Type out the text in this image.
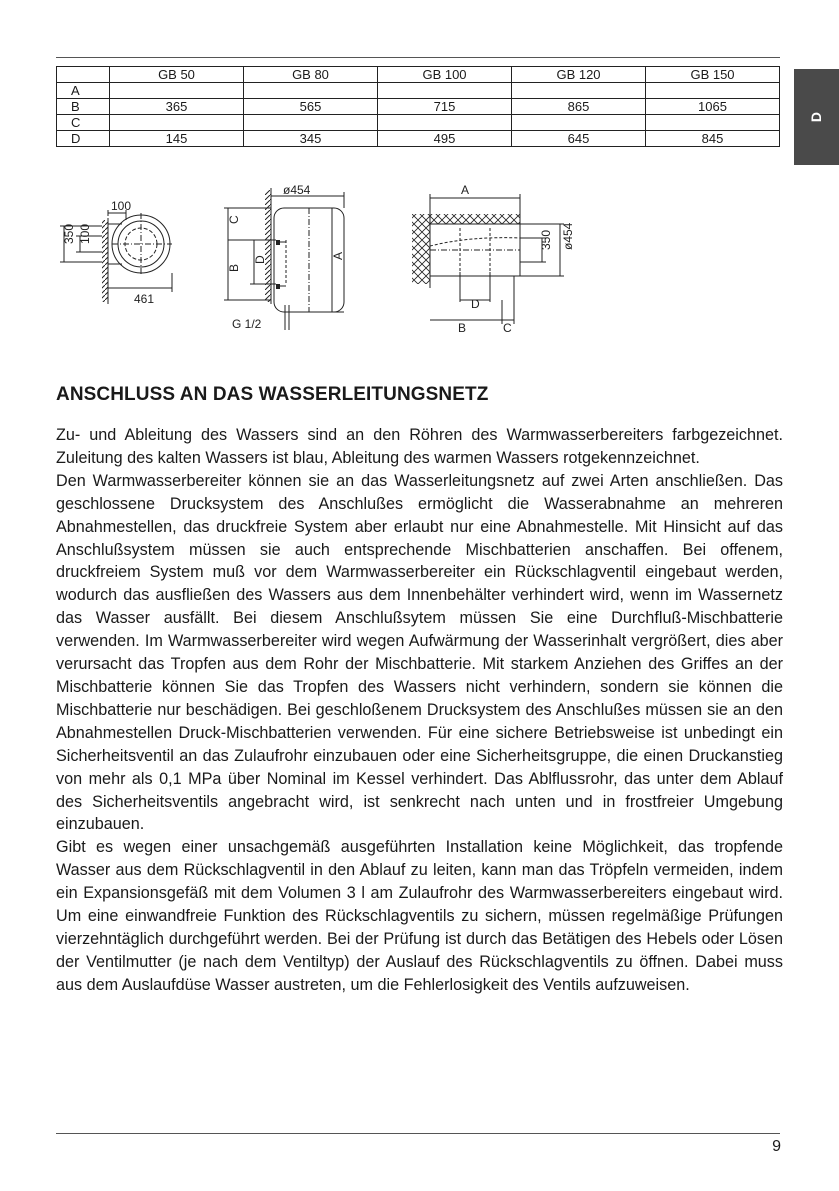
D
	GB 50	GB 80	GB 100	GB 120	GB 150
A					
B	365	565	715	865	1065
C					
D	145	345	495	645	845
100
350 100
461
ø454
C
D
B
A
G 1/2
A
350 ø454
D
B	C
ANSCHLUSS AN DAS WASSERLEITUNGSNETZ

Zu- und Ableitung des Wassers sind an den Röhren des Warmwasserbereiters farbgezeichnet. Zuleitung des kalten Wassers ist blau, Ableitung des warmen Wassers rotgekennzeichnet.

Den Warmwasserbereiter können sie an das Wasserleitungsnetz auf zwei Arten anschließen. Das geschlossene Drucksystem des Anschlußes ermöglicht die Wasserabnahme an mehreren Abnahmestellen, das druckfreie System aber erlaubt nur eine Abnahmestelle. Mit Hinsicht auf das Anschlußsystem müssen sie auch entsprechende Mischbatterien anschaffen. Bei offenem, druckfreiem System muß vor dem Warmwasserbereiter ein Rückschlagventil eingebaut werden, wodurch das ausfließen des Wassers aus dem Innenbehälter verhindert wird, wenn im Wassernetz das Wasser ausfällt. Bei diesem Anschlußsytem müssen Sie eine Durchfluß-Mischbatterie verwenden. Im Warmwasserbereiter wird wegen Aufwärmung der Wasserinhalt vergrößert, dies aber verursacht das Tropfen aus dem Rohr der Mischbatterie. Mit starkem Anziehen des Griffes an der Mischbatterie können Sie das Tropfen des Wassers nicht verhindern, sondern sie können die Mischbatterie nur beschädigen. Bei geschloßenem Drucksystem des Anschlußes müssen sie an den Abnahmestellen Druck-Mischbatterien verwenden. Für eine sichere Betriebsweise ist unbedingt ein Sicherheitsventil an das Zulaufrohr einzubauen oder eine Sicherheitsgruppe, die einen Druckanstieg von mehr als 0,1 MPa über Nominal im Kessel verhindert. Das Ablflussrohr, das unter dem Ablauf des Sicherheitsventils angebracht wird, ist senkrecht nach unten und in frostfreier Umgebung einzubauen.

Gibt es wegen einer unsachgemäß ausgeführten Installation keine Möglichkeit, das tropfende Wasser aus dem Rückschlagventil in den Ablauf zu leiten, kann man das Tröpfeln vermeiden, indem ein Expansionsgefäß mit dem Volumen 3 l am Zulaufrohr des Warmwasserbereiters eingebaut wird. Um eine einwandfreie Funktion des Rückschlagventils zu sichern, müssen regelmäßige Prüfungen vierzehntäglich durchgeführt werden. Bei der Prüfung ist durch das Betätigen des Hebels oder Lösen der Ventilmutter (je nach dem Ventiltyp) der Auslauf des Rückschlagventils zu öffnen. Dabei muss aus dem Auslaufdüse Wasser austreten, um die Fehlerlosigkeit des Ventils aufzuweisen.

9
